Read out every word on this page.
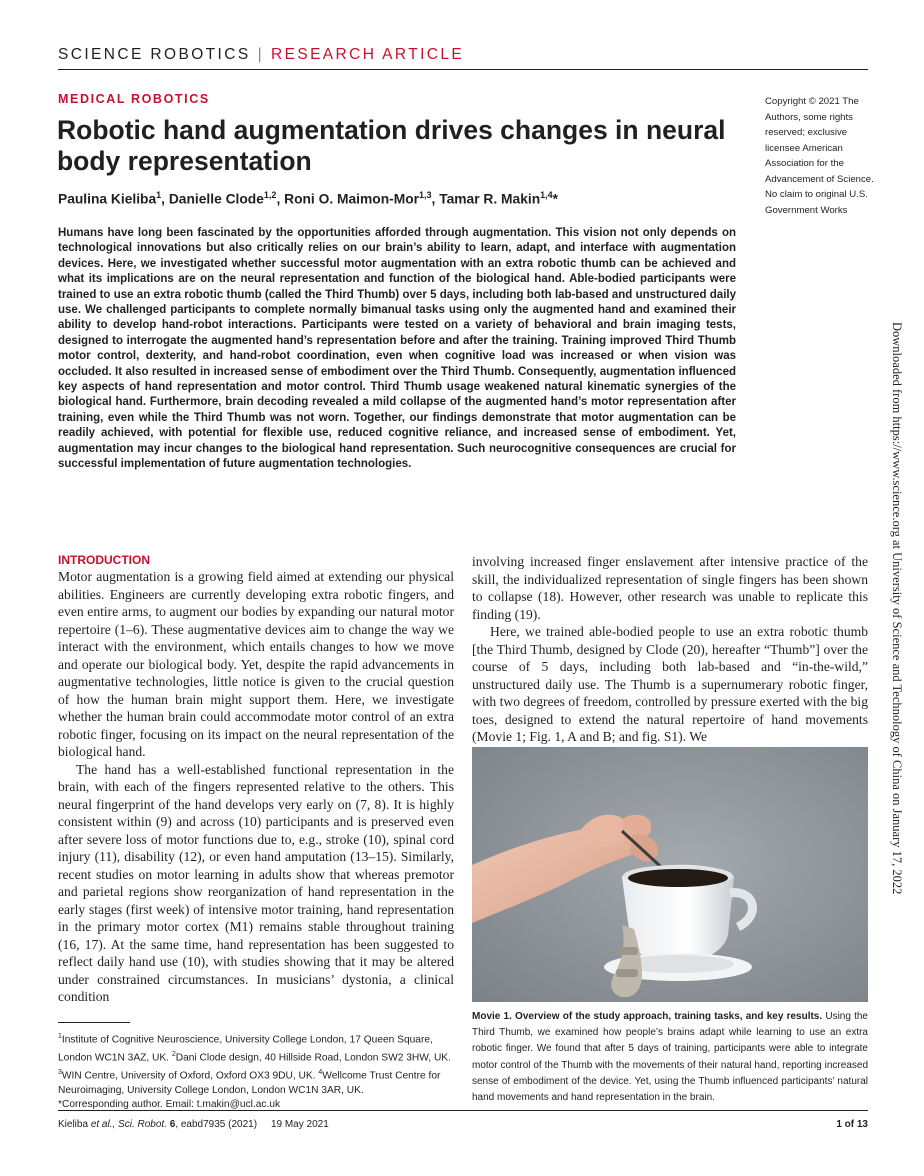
SCIENCE ROBOTICS | RESEARCH ARTICLE
MEDICAL ROBOTICS
Robotic hand augmentation drives changes in neural body representation
Paulina Kieliba$^1$, Danielle Clode$^{1,2}$, Roni O. Maimon-Mor$^{1,3}$, Tamar R. Makin$^{1,4}$*
Copyright © 2021 The Authors, some rights reserved; exclusive licensee American Association for the Advancement of Science. No claim to original U.S. Government Works

Humans have long been fascinated by the opportunities afforded through augmentation. This vision not only depends on technological innovations but also critically relies on our brain’s ability to learn, adapt, and interface with augmentation devices. Here, we investigated whether successful motor augmentation with an extra robotic thumb can be achieved and what its implications are on the neural representation and function of the biological hand. Able-bodied participants were trained to use an extra robotic thumb (called the Third Thumb) over 5 days, including both lab-based and unstructured daily use. We challenged participants to complete normally bimanual tasks using only the augmented hand and examined their ability to develop hand-robot interactions. Participants were tested on a variety of behavioral and brain imaging tests, designed to interrogate the augmented hand’s representation before and after the training. Training improved Third Thumb motor control, dexterity, and hand-robot coordination, even when cognitive load was increased or when vision was occluded. It also resulted in increased sense of embodiment over the Third Thumb. Consequently, augmentation influenced key aspects of hand representation and motor control. Third Thumb usage weakened natural kinematic synergies of the biological hand. Furthermore, brain decoding revealed a mild collapse of the augmented hand’s motor representation after training, even while the Third Thumb was not worn. Together, our findings demonstrate that motor augmentation can be readily achieved, with potential for flexible use, reduced cognitive reliance, and increased sense of embodiment. Yet, augmentation may incur changes to the biological hand representation. Such neurocognitive consequences are crucial for successful implementation of future augmentation technologies.	Downloaded from https://www.science.org at University of Science and Technology of China on January 17, 2022
INTRODUCTION

Motor augmentation is a growing field aimed at extending our physical abilities. Engineers are currently developing extra robotic fingers, and even entire arms, to augment our bodies by expanding our natural motor repertoire (1–6). These augmentative devices aim to change the way we interact with the environment, which entails changes to how we move and operate our biological body. Yet, despite the rapid advancements in augmentative technologies, little notice is given to the crucial question of how the human brain might support them. Here, we investigate whether the human brain could accommodate motor control of an extra robotic finger, focusing on its impact on the neural representation of the biological hand.

The hand has a well-established functional representation in the brain, with each of the fingers represented relative to the others. This neural fingerprint of the hand develops very early on (7, 8). It is highly consistent within (9) and across (10) participants and is preserved even after severe loss of motor functions due to, e.g., stroke (10), spinal cord injury (11), disability (12), or even hand amputation (13–15). Similarly, recent studies on motor learning in adults show that whereas premotor and parietal regions show reorganization of hand representation in the early stages (first week) of intensive motor training, hand representation in the primary motor cortex (M1) remains stable throughout training (16, 17). At the same time, hand representation has been suggested to reflect daily hand use (10), with studies showing that it may be altered under constrained circumstances. In musicians’ dystonia, a clinical condition

involving increased finger enslavement after intensive practice of the skill, the individualized representation of single fingers has been shown to collapse (18). However, other research was unable to replicate this finding (19).

Here, we trained able-bodied people to use an extra robotic thumb [the Third Thumb, designed by Clode (20), hereafter “Thumb”] over the course of 5 days, including both lab-based and “in-the-wild,” unstructured daily use. The Thumb is a supernumerary robotic finger, with two degrees of freedom, controlled by pressure exerted with the big toes, designed to extend the natural repertoire of hand movements (Movie 1; Fig. 1, A and B; and fig. S1). We

Movie 1. Overview of the study approach, training tasks, and key results. Using the Third Thumb, we examined how people’s brains adapt while learning to use an extra robotic finger. We found that after 5 days of training, participants were able to integrate motor control of the Thumb with the movements of their natural hand, reporting increased sense of embodiment of the device. Yet, using the Thumb influenced participants’ natural hand movements and hand representation in the brain.
$^1$Institute of Cognitive Neuroscience, University College London, 17 Queen Square, London WC1N 3AZ, UK. $^2$Dani Clode design, 40 Hillside Road, London SW2 3HW, UK. $^3$WIN Centre, University of Oxford, Oxford OX3 9DU, UK. $^4$Wellcome Trust Centre for Neuroimaging, University College London, London WC1N 3AR, UK.
*Corresponding author. Email: t.makin@ucl.ac.uk
Kieliba et al., Sci. Robot. 6, eabd7935 (2021)     19 May 2021	1 of 13
